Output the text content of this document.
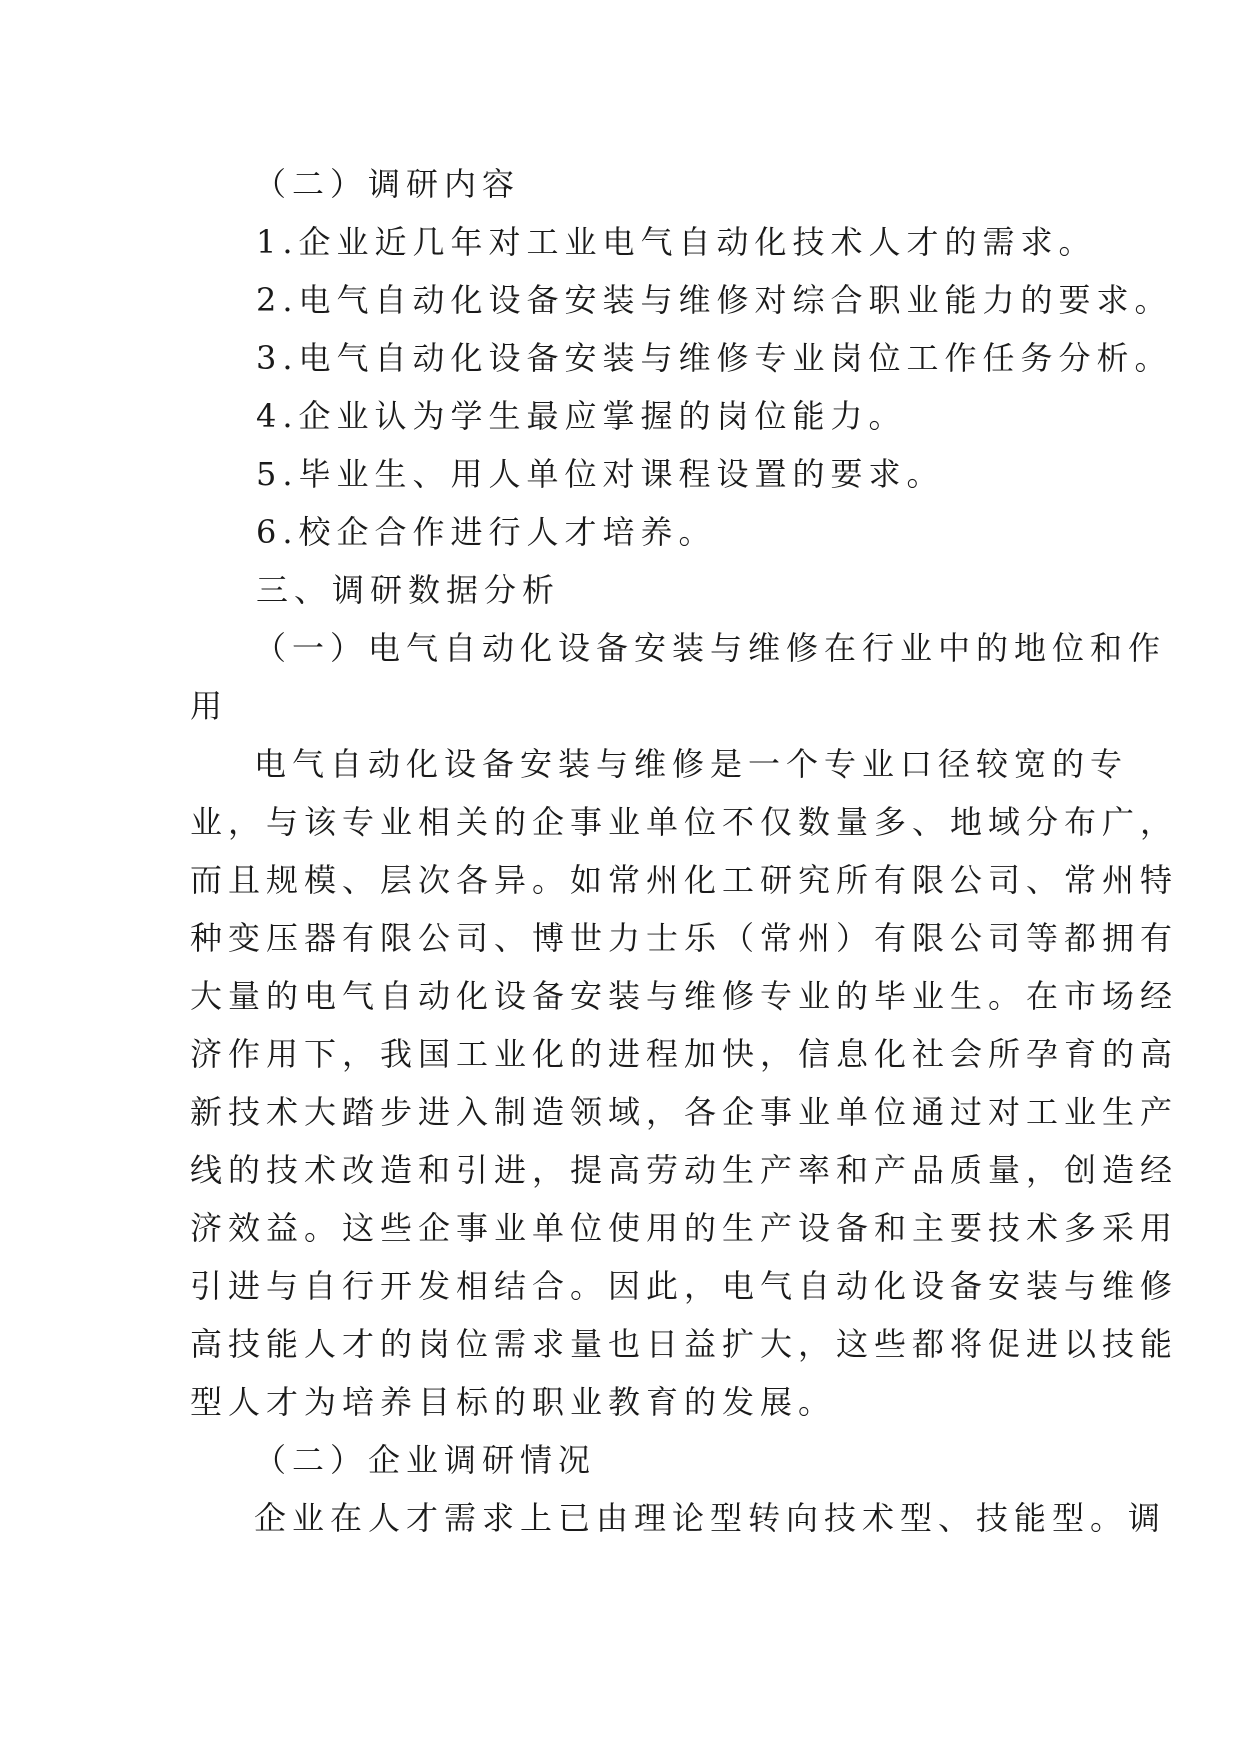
（二）调研内容
1.企业近几年对工业电气自动化技术人才的需求。
2.电气自动化设备安装与维修对综合职业能力的要求。
3.电气自动化设备安装与维修专业岗位工作任务分析。
4.企业认为学生最应掌握的岗位能力。
5.毕业生、用人单位对课程设置的要求。
6.校企合作进行人才培养。
三、调研数据分析
（一）电气自动化设备安装与维修在行业中的地位和作
用
电气自动化设备安装与维修是一个专业口径较宽的专
业，与该专业相关的企事业单位不仅数量多、地域分布广，
而且规模、层次各异。如常州化工研究所有限公司、常州特
种变压器有限公司、博世力士乐（常州）有限公司等都拥有
大量的电气自动化设备安装与维修专业的毕业生。在市场经
济作用下，我国工业化的进程加快，信息化社会所孕育的高
新技术大踏步进入制造领域，各企事业单位通过对工业生产
线的技术改造和引进，提高劳动生产率和产品质量，创造经
济效益。这些企事业单位使用的生产设备和主要技术多采用
引进与自行开发相结合。因此，电气自动化设备安装与维修
高技能人才的岗位需求量也日益扩大，这些都将促进以技能
型人才为培养目标的职业教育的发展。
（二）企业调研情况
企业在人才需求上已由理论型转向技术型、技能型。调
